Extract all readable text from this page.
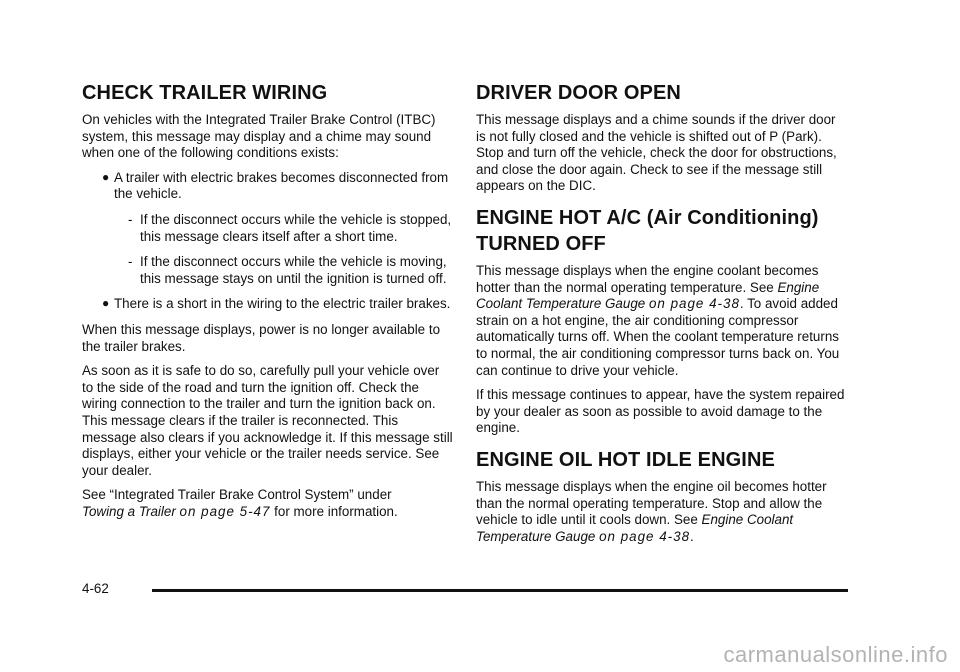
CHECK TRAILER WIRING

On vehicles with the Integrated Trailer Brake Control (ITBC) system, this message may display and a chime may sound when one of the following conditions exists:

● A trailer with electric brakes becomes disconnected from the vehicle.
- If the disconnect occurs while the vehicle is stopped, this message clears itself after a short time.
- If the disconnect occurs while the vehicle is moving, this message stays on until the ignition is turned off.
● There is a short in the wiring to the electric trailer brakes.

When this message displays, power is no longer available to the trailer brakes.

As soon as it is safe to do so, carefully pull your vehicle over to the side of the road and turn the ignition off. Check the wiring connection to the trailer and turn the ignition back on. This message clears if the trailer is reconnected. This message also clears if you acknowledge it. If this message still displays, either your vehicle or the trailer needs service. See your dealer.

See “Integrated Trailer Brake Control System” under
Towing a Trailer on page 5‑47 for more information.

DRIVER DOOR OPEN

This message displays and a chime sounds if the driver door is not fully closed and the vehicle is shifted out of P (Park). Stop and turn off the vehicle, check the door for obstructions, and close the door again. Check to see if the message still appears on the DIC.

ENGINE HOT A/C (Air Conditioning) TURNED OFF

This message displays when the engine coolant becomes hotter than the normal operating temperature. See Engine Coolant Temperature Gauge on page 4‑38. To avoid added strain on a hot engine, the air conditioning compressor automatically turns off. When the coolant temperature returns to normal, the air conditioning compressor turns back on. You can continue to drive your vehicle.

If this message continues to appear, have the system repaired by your dealer as soon as possible to avoid damage to the engine.

ENGINE OIL HOT IDLE ENGINE

This message displays when the engine oil becomes hotter than the normal operating temperature. Stop and allow the vehicle to idle until it cools down. See Engine Coolant Temperature Gauge on page 4‑38.

4-62
carmanualsonline.info
